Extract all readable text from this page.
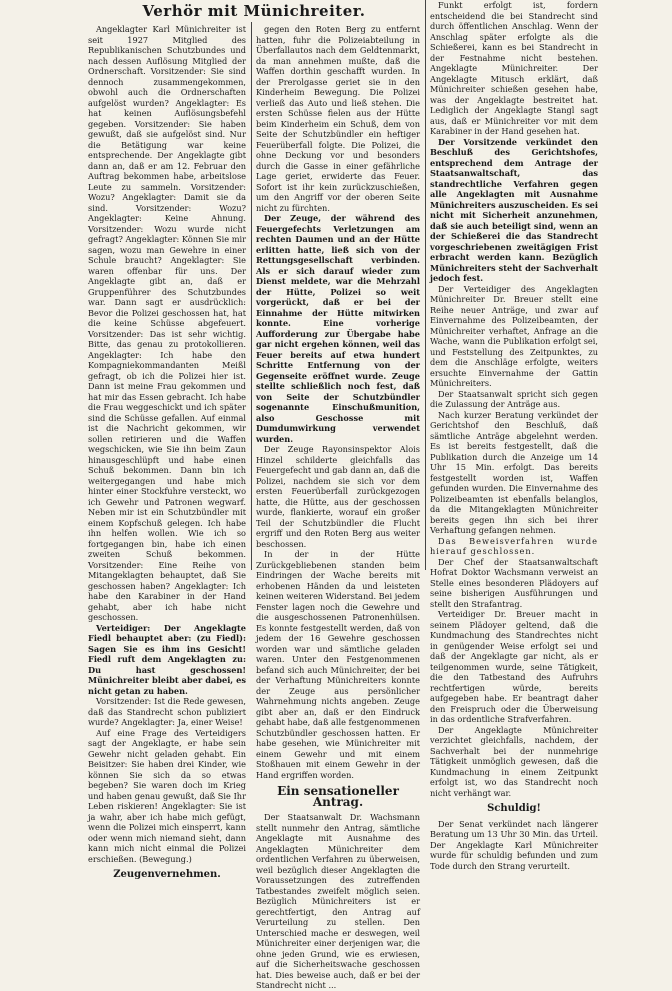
Verhör mit Münichreiter.

Angeklagter Karl Münichreiter ist seit 1927 Mitglied des Republikanischen Schutzbundes und nach dessen Auflösung Mitglied der Ordnerschaft. Vorsitzender: Sie sind dennoch zusammengekommen, obwohl auch die Ordnerschaften aufgelöst wurden? Angeklagter: Es hat keinen Auflösungsbefehl gegeben. Vorsitzender: Sie haben gewußt, daß sie aufgelöst sind. Nur die Betätigung war keine entsprechende. Der Angeklagte gibt dann an, daß er am 12. Februar den Auftrag bekommen habe, arbeitslose Leute zu sammeln. Vorsitzender: Wozu? Angeklagter: Damit sie da sind. Vorsitzender: Wozu? Angeklagter: Keine Ahnung. Vorsitzender: Wozu wurde nicht gefragt? Angeklagter: Können Sie mir sagen, wozu man Gewehre in einer Schule braucht? Angeklagter: Sie waren offenbar für uns. Der Angeklagte gibt an, daß er Gruppenführer des Schutzbundes war. Dann sagt er ausdrücklich: Bevor die Polizei geschossen hat, hat die keine Schüsse abgefeuert. Vorsitzender: Das ist sehr wichtig. Bitte, das genau zu protokollieren. Angeklagter: Ich habe den Kompagniekommandanten Meißl gefragt, ob ich die Polizei hier ist. Dann ist meine Frau gekommen und hat mir das Essen gebracht. Ich habe die Frau weggeschickt und ich später sind die Schüsse gefallen. Auf einmal ist die Nachricht gekommen, wir sollen retirieren und die Waffen wegschicken, wie Sie ihn beim Zaun hinausgeschlüpft und habe einen Schuß bekommen. Dann bin ich weitergegangen und habe mich hinter einer Stockfuhre versteckt, wo ich Gewehr und Patronen wegwarf. Neben mir ist ein Schutzbündler mit einem Kopfschuß gelegen. Ich habe ihn helfen wollen. Wie ich so fortgegangen bin, habe ich einen zweiten Schuß bekommen. Vorsitzender: Eine Reihe von Mitangeklagten behauptet, daß Sie geschossen haben? Angeklagter: Ich habe den Karabiner in der Hand gehabt, aber ich habe nicht geschossen.

Verteidiger: Der Angeklagte Fiedl behauptet aber: (zu Fiedl): Sagen Sie es ihm ins Gesicht! Fiedl ruft dem Angeklagten zu: Du hast geschossen! Münichreiter bleibt aber dabei, es nicht getan zu haben.

Vorsitzender: Ist die Rede gewesen, daß das Standrecht schon publiziert wurde? Angeklagter: Ja, einer Weise!

Auf eine Frage des Verteidigers sagt der Angeklagte, er habe sein Gewehr nicht geladen gehabt. Ein Beisitzer: Sie haben drei Kinder, wie können Sie sich da so etwas begeben? Sie waren doch im Krieg und haben genau gewußt, daß Sie Ihr Leben riskieren! Angeklagter: Sie ist ja wahr, aber ich habe mich gefügt, wenn die Polizei mich einsperrt, kann oder wenn mich niemand sieht, dann kann mich nicht einmal die Polizei erschießen. (Bewegung.)

Zeugenvernehmen.

gegen den Roten Berg zu entfernt hatten, fuhr die Polizeiabteilung in Überfallautos nach dem Geldtenmarkt, da man annehmen mußte, daß die Waffen dorthin geschafft wurden. In der Prerolgasse geriet sie in den Kinderheim Bewegung. Die Polizei verließ das Auto und ließ stehen. Die ersten Schüsse fielen aus der Hütte beim Kinderheim ein Schuß, dem von Seite der Schutzbündler ein heftiger Feuerüberfall folgte. Die Polizei, die ohne Deckung vor und besonders durch die Gasse in einer gefährliche Lage geriet, erwiderte das Feuer. Sofort ist ihr kein zurückzuschießen, um den Angriff vor der oberen Seite nicht zu fürchten.

Der Zeuge, der während des Feuergefechts Verletzungen am rechten Daumen und an der Hütte erlitten hatte, ließ sich von der Rettungsgesellschaft verbinden. Als er sich darauf wieder zum Dienst meldete, war die Mehrzahl der Hütte, Polizei so weit vorgerückt, daß er bei der Einnahme der Hütte mitwirken konnte. Eine vorherige Aufforderung zur Übergabe habe gar nicht ergehen können, weil das Feuer bereits auf etwa hundert Schritte Entfernung von der Gegenseite eröffnet wurde. Zeuge stellte schließlich noch fest, daß von Seite der Schutzbündler sogenannte Einschußmunition, also Geschosse mit Dumdumwirkung verwendet wurden.

Der Zeuge Rayonsinspektor Alois Hinzel schilderte gleichfalls das Feuergefecht und gab dann an, daß die Polizei, nachdem sie sich vor dem ersten Feuerüberfall zurückgezogen hatte, die Hütte, aus der geschossen wurde, flankierte, worauf ein großer Teil der Schutzbündler die Flucht ergriff und den Roten Berg aus weiter beschossen.

In der in der Hütte Zurückgebliebenen standen beim Eindringen der Wache bereits mit erhobenen Händen da und leisteten keinen weiteren Widerstand. Bei jedem Fenster lagen noch die Gewehre und die ausgeschossenen Patronenhülsen. Es konnte festgestellt werden, daß von jedem der 16 Gewehre geschossen worden war und sämtliche geladen waren. Unter den Festgenommenen befand sich auch Münichreiter, der bei der Verhaftung Münichreiters konnte der Zeuge aus persönlicher Wahrnehmung nichts angeben. Zeuge gibt aber an, daß er den Eindruck gehabt habe, daß alle festgenommenen Schutzbündler geschossen hatten. Er habe gesehen, wie Münichreiter mit einem Gewehr und mit einem Stoßhauen mit einem Gewehr in der Hand ergriffen worden.

Ein sensationeller Antrag.

Der Staatsanwalt Dr. Wachsmann stellt nunmehr den Antrag, sämtliche Angeklagte mit Ausnahme des Angeklagten Münichreiter dem ordentlichen Verfahren zu überweisen, weil bezüglich dieser Angeklagten die Voraussetzungen des zutreffenden Tatbestandes zweifelt möglich seien. Bezüglich Münichreiters ist er gerechtfertigt, den Antrag auf Verurteilung zu stellen. Den Unterschied mache er deswegen, weil Münichreiter einer derjenigen war, die ohne jeden Grund, wie es erwiesen, auf die Sicherheitswache geschossen hat. Dies beweise auch, daß er bei der Standrecht nicht ...

Funkt erfolgt ist, fordern entscheidend die bei Standrecht sind durch öffentlichen Anschlag. Wenn der Anschlag später erfolgte als die Schießerei, kann es bei Standrecht in der Festnahme nicht bestehen. Angeklagte Münichreiter. Der Angeklagte Mitusch erklärt, daß Münichreiter schießen gesehen habe, was der Angeklagte bestreitet hat. Lediglich der Angeklagte Stangl sagt aus, daß er Münichreiter vor mit dem Karabiner in der Hand gesehen hat.

Der Vorsitzende verkündet den Beschluß des Gerichtshofes, entsprechend dem Antrage der Staatsanwaltschaft, das standrechtliche Verfahren gegen alle Angeklagten mit Ausnahme Münichreiters auszuscheiden. Es sei nicht mit Sicherheit anzunehmen, daß sie auch beteiligt sind, wenn an der Schießerei die das Standrecht vorgeschriebenen zweitägigen Frist erbracht werden kann. Bezüglich Münichreiters steht der Sachverhalt jedoch fest.

Der Verteidiger des Angeklagten Münichreiter Dr. Breuer stellt eine Reihe neuer Anträge, und zwar auf Einvernahme des Polizeibeamten, der Münichreiter verhaftet, Anfrage an die Wache, wann die Publikation erfolgt sei, und Feststellung des Zeitpunktes, zu dem die Anschläge erfolgte, weiters ersuchte Einvernahme der Gattin Münichreiters.

Der Staatsanwalt spricht sich gegen die Zulassung der Anträge aus.

Nach kurzer Beratung verkündet der Gerichtshof den Beschluß, daß sämtliche Anträge abgelehnt werden. Es ist bereits festgestellt, daß die Publikation durch die Anzeige um 14 Uhr 15 Min. erfolgt. Das bereits festgestellt worden ist, Waffen gefunden wurden. Die Einvernahme des Polizeibeamten ist ebenfalls belanglos, da die Mitangeklagten Münichreiter bereits gegen ihn sich bei ihrer Verhaftung gefangen nehmen.

Das Beweisverfahren wurde hierauf geschlossen.

Der Chef der Staatsanwaltschaft Hofrat Doktor Wachsmann verweist an Stelle eines besonderen Plädoyers auf seine bisherigen Ausführungen und stellt den Strafantrag.

Verteidiger Dr. Breuer macht in seinem Plädoyer geltend, daß die Kundmachung des Standrechtes nicht in genügender Weise erfolgt sei und daß der Angeklagte gar nicht, als er teilgenommen wurde, seine Tätigkeit, die den Tatbestand des Aufruhrs rechtfertigen würde, bereits aufgegeben habe. Er beantragt daher den Freispruch oder die Überweisung in das ordentliche Strafverfahren.

Der Angeklagte Münichreiter verzichtet gleichfalls, nachdem, der Sachverhalt bei der nunmehrige Tätigkeit unmöglich gewesen, daß die Kundmachung in einem Zeitpunkt erfolgt ist, wo das Standrecht noch nicht verhängt war.

Schuldig!

Der Senat verkündet nach längerer Beratung um 13 Uhr 30 Min. das Urteil. Der Angeklagte Karl Münichreiter wurde für schuldig befunden und zum Tode durch den Strang verurteilt.
